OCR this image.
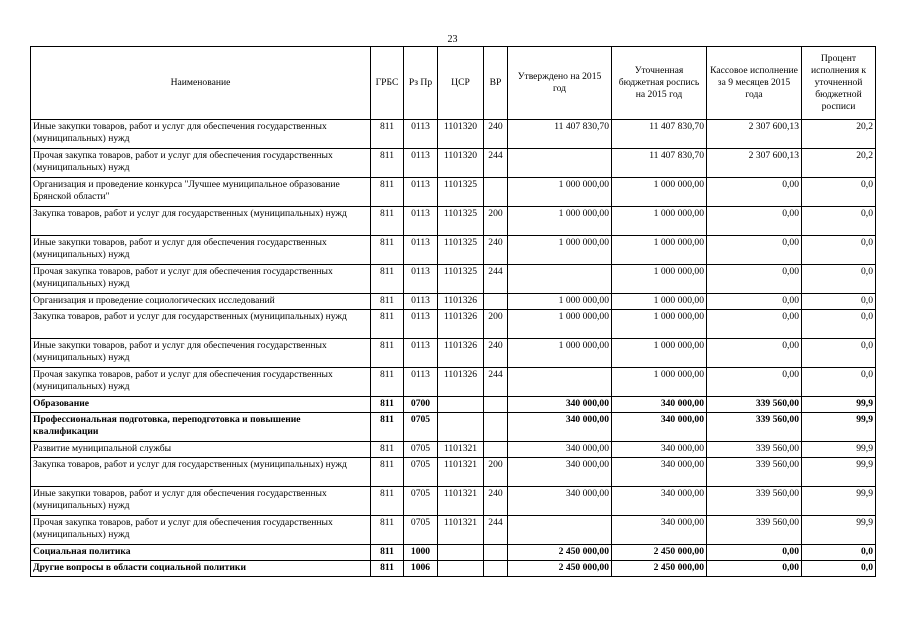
23
Наименование	ГРБС	Рз Пр	ЦСР	ВР	Утверждено на 2015 год	Уточненная бюджетная роспись на 2015 год	Кассовое исполнение за 9 месяцев 2015 года	Процент исполнения к уточненной бюджетной росписи
Иные закупки товаров, работ и услуг для обеспечения государственных (муниципальных) нужд	811	0113	1101320	240	11 407 830,70	11 407 830,70	2 307 600,13	20,2
Прочая закупка товаров, работ и услуг для обеспечения государственных (муниципальных) нужд	811	0113	1101320	244		11 407 830,70	2 307 600,13	20,2
Организация и проведение конкурса "Лучшее муниципальное образование Брянской области"	811	0113	1101325		1 000 000,00	1 000 000,00	0,00	0,0
Закупка товаров, работ и услуг для государственных (муниципальных) нужд	811	0113	1101325	200	1 000 000,00	1 000 000,00	0,00	0,0
Иные закупки товаров, работ и услуг для обеспечения государственных (муниципальных) нужд	811	0113	1101325	240	1 000 000,00	1 000 000,00	0,00	0,0
Прочая закупка товаров, работ и услуг для обеспечения государственных (муниципальных) нужд	811	0113	1101325	244		1 000 000,00	0,00	0,0
Организация и проведение социологических исследований	811	0113	1101326		1 000 000,00	1 000 000,00	0,00	0,0
Закупка товаров, работ и услуг для государственных (муниципальных) нужд	811	0113	1101326	200	1 000 000,00	1 000 000,00	0,00	0,0
Иные закупки товаров, работ и услуг для обеспечения государственных (муниципальных) нужд	811	0113	1101326	240	1 000 000,00	1 000 000,00	0,00	0,0
Прочая закупка товаров, работ и услуг для обеспечения государственных (муниципальных) нужд	811	0113	1101326	244		1 000 000,00	0,00	0,0
Образование	811	0700			340 000,00	340 000,00	339 560,00	99,9
Профессиональная подготовка, переподготовка и повышение квалификации	811	0705			340 000,00	340 000,00	339 560,00	99,9
Развитие муниципальной службы	811	0705	1101321		340 000,00	340 000,00	339 560,00	99,9
Закупка товаров, работ и услуг для государственных (муниципальных) нужд	811	0705	1101321	200	340 000,00	340 000,00	339 560,00	99,9
Иные закупки товаров, работ и услуг для обеспечения государственных (муниципальных) нужд	811	0705	1101321	240	340 000,00	340 000,00	339 560,00	99,9
Прочая закупка товаров, работ и услуг для обеспечения государственных (муниципальных) нужд	811	0705	1101321	244		340 000,00	339 560,00	99,9
Социальная политика	811	1000			2 450 000,00	2 450 000,00	0,00	0,0
Другие вопросы в области социальной политики	811	1006			2 450 000,00	2 450 000,00	0,00	0,0
